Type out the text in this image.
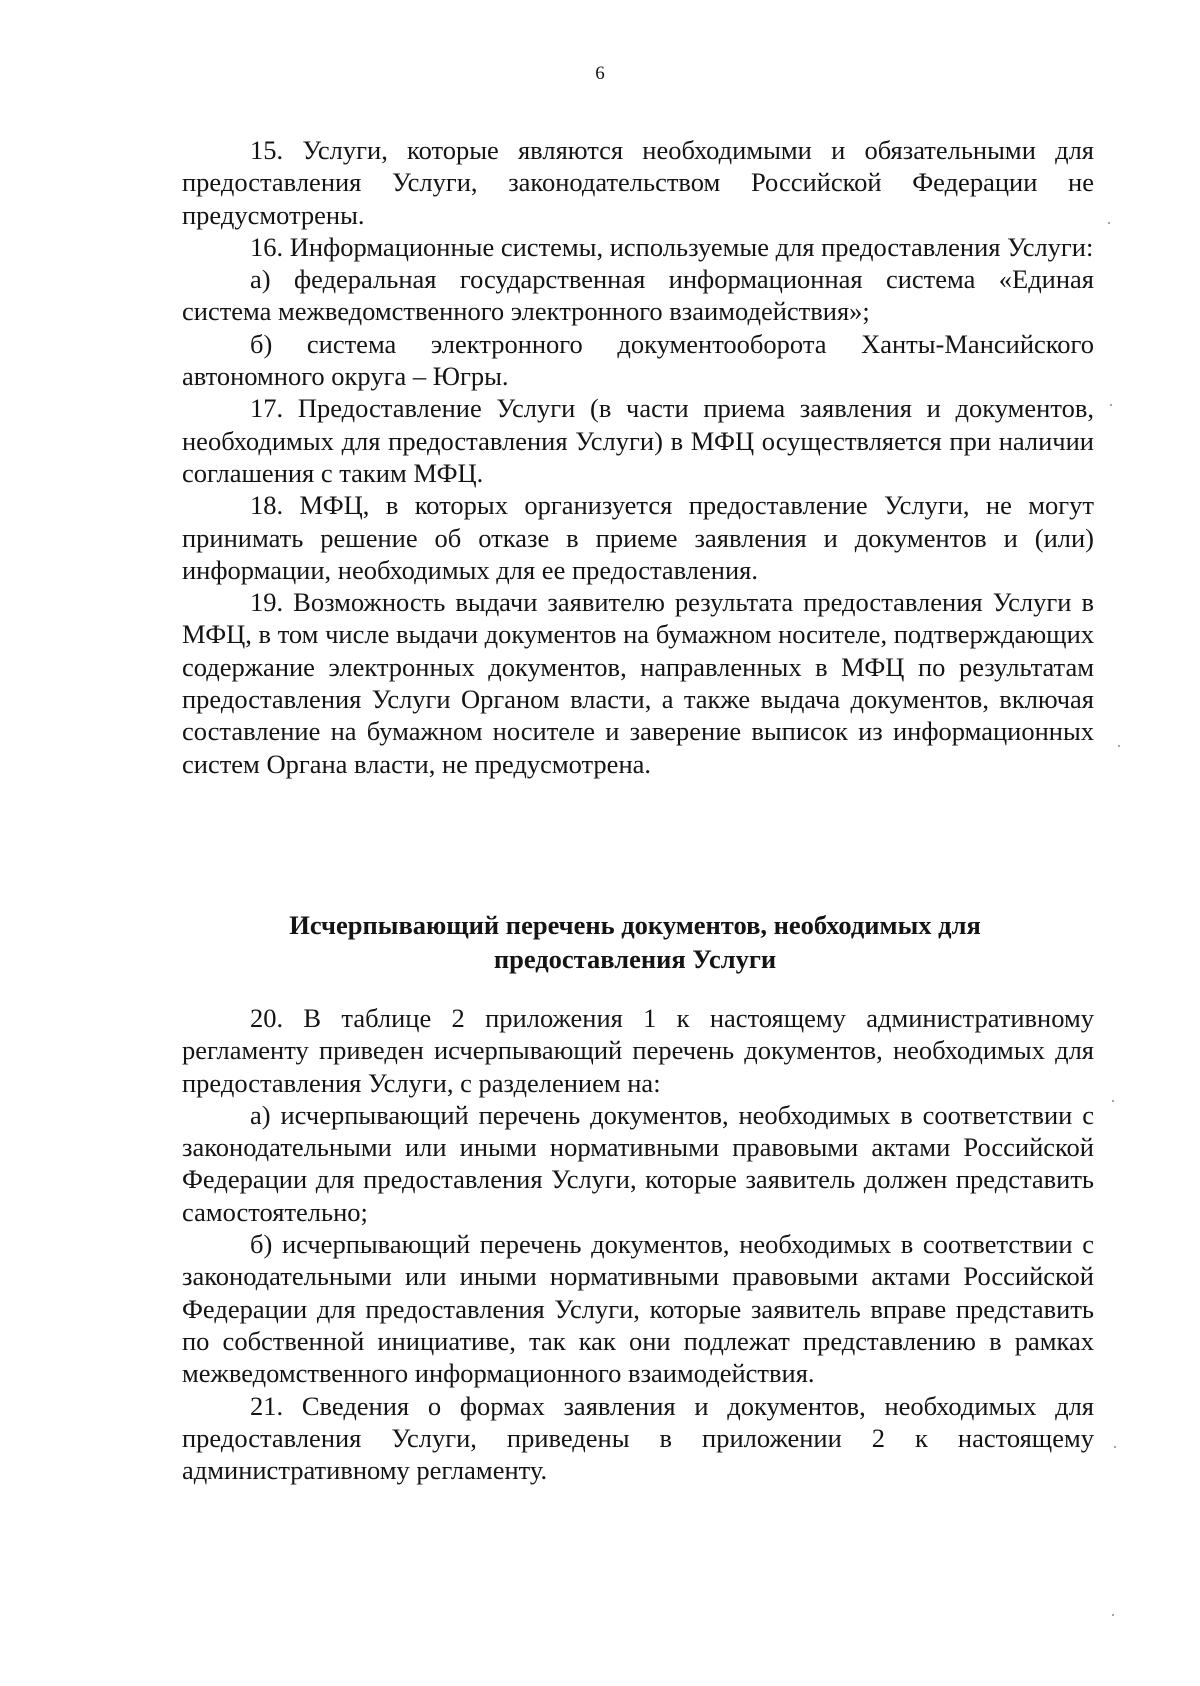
6

15. Услуги, которые являются необходимыми и обязательными для предоставления Услуги, законодательством Российской Федерации не предусмотрены.

16. Информационные системы, используемые для предоставления Услуги:

а) федеральная государственная информационная система «Единая система межведомственного электронного взаимодействия»;

б) система электронного документооборота Ханты-Мансийского автономного округа – Югры.

17. Предоставление Услуги (в части приема заявления и документов, необходимых для предоставления Услуги) в МФЦ осуществляется при наличии соглашения с таким МФЦ.

18. МФЦ, в которых организуется предоставление Услуги, не могут принимать решение об отказе в приеме заявления и документов и (или) информации, необходимых для ее предоставления.

19. Возможность выдачи заявителю результата предоставления Услуги в МФЦ, в том числе выдачи документов на бумажном носителе, подтверждающих содержание электронных документов, направленных в МФЦ по результатам предоставления Услуги Органом власти, а также выдача документов, включая составление на бумажном носителе и заверение выписок из информационных систем Органа власти, не предусмотрена.

Исчерпывающий перечень документов, необходимых для
предоставления Услуги

20. В таблице 2 приложения 1 к настоящему административному регламенту приведен исчерпывающий перечень документов, необходимых для предоставления Услуги, с разделением на:

а) исчерпывающий перечень документов, необходимых в соответствии с законодательными или иными нормативными правовыми актами Российской Федерации для предоставления Услуги, которые заявитель должен представить самостоятельно;

б) исчерпывающий перечень документов, необходимых в соответствии с законодательными или иными нормативными правовыми актами Российской Федерации для предоставления Услуги, которые заявитель вправе представить по собственной инициативе, так как они подлежат представлению в рамках межведомственного информационного взаимодействия.

21. Сведения о формах заявления и документов, необходимых для предоставления Услуги, приведены в приложении 2 к настоящему административному регламенту.
